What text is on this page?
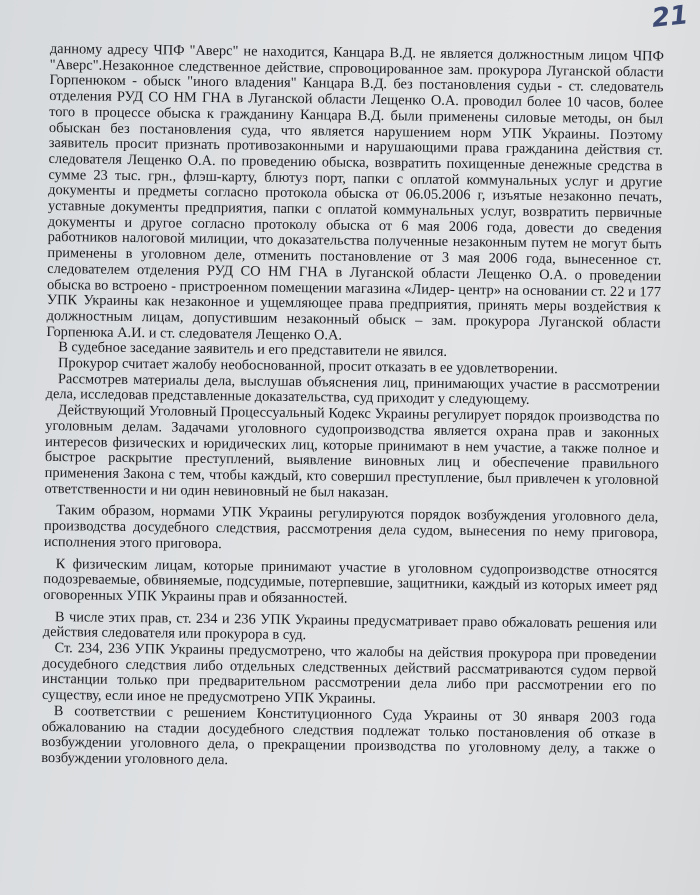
21

данному адресу ЧПФ "Аверс" не находится, Канцара В.Д. не является должностным лицом ЧПФ "Аверс".Незаконное следственное действие, спровоцированное зам. прокурора Луганской области Горпенюком - обыск "иного владения" Канцара В.Д. без постановления судьи - ст. следователь отделения РУД СО НМ ГНА в Луганской области Лещенко О.А. проводил более 10 часов, более того в процессе обыска к гражданину Канцара В.Д. были применены силовые методы, он был обыскан без постановления суда, что является нарушением норм УПК Украины. Поэтому заявитель просит признать противозаконными и нарушающими права гражданина действия ст. следователя Лещенко О.А. по проведению обыска, возвратить похищенные денежные средства в сумме 23 тыс. грн., флэш-карту, блютуз порт, папки с оплатой коммунальных услуг и другие документы и предметы согласно протокола обыска от 06.05.2006 г, изъятые незаконно печать, уставные документы предприятия, папки с оплатой коммунальных услуг, возвратить первичные документы и другое согласно протоколу обыска от 6 мая 2006 года, довести до сведения работников налоговой милиции, что доказательства полученные незаконным путем не могут быть применены в уголовном деле, отменить постановление от 3 мая 2006 года, вынесенное ст. следователем отделения РУД СО НМ ГНА в Луганской области Лещенко О.А. о проведении обыска во встроено - пристроенном помещении магазина «Лидер- центр» на основании ст. 22 и 177 УПК Украины как незаконное и ущемляющее права предприятия, принять меры воздействия к должностным лицам, допустившим незаконный обыск – зам. прокурора Луганской области Горпенюка А.И. и ст. следователя Лещенко О.А.

В судебное заседание заявитель и его представители не явился.

Прокурор считает жалобу необоснованной, просит отказать в ее удовлетворении.

Рассмотрев материалы дела, выслушав объяснения лиц, принимающих участие в рассмотрении дела, исследовав представленные доказательства, суд приходит у следующему.

Действующий Уголовный Процессуальный Кодекс Украины регулирует порядок производства по уголовным делам. Задачами уголовного судопроизводства является охрана прав и законных интересов физических и юридических лиц, которые принимают в нем участие, а также полное и быстрое раскрытие преступлений, выявление виновных лиц и обеспечение правильного применения Закона с тем, чтобы каждый, кто совершил преступление, был привлечен к уголовной ответственности и ни один невиновный не был наказан.

Таким образом, нормами УПК Украины регулируются порядок возбуждения уголовного дела, производства досудебного следствия, рассмотрения дела судом, вынесения по нему приговора, исполнения этого приговора.

К физическим лицам, которые принимают участие в уголовном судопроизводстве относятся подозреваемые, обвиняемые, подсудимые, потерпевшие, защитники, каждый из которых имеет ряд оговоренных УПК Украины прав и обязанностей.

В числе этих прав, ст. 234 и 236 УПК Украины предусматривает право обжаловать решения или действия следователя или прокурора в суд.

Ст. 234, 236 УПК Украины предусмотрено, что жалобы на действия прокурора при проведении досудебного следствия либо отдельных следственных действий рассматриваются судом первой инстанции только при предварительном рассмотрении дела либо при рассмотрении его по существу, если иное не предусмотрено УПК Украины.

В соответствии с решением Конституционного Суда Украины от 30 января 2003 года обжалованию на стадии досудебного следствия подлежат только постановления об отказе в возбуждении уголовного дела, о прекращении производства по уголовному делу, а также о возбуждении уголовного дела.
